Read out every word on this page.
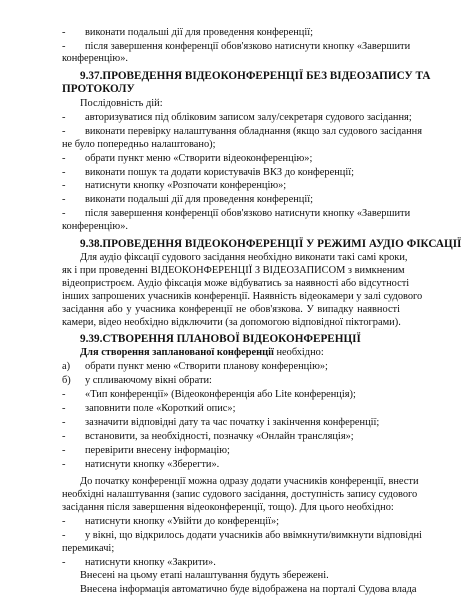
- виконати подальші дії для проведення конференції;
- після завершення конференції обов'язково натиснути кнопку «Завершити
конференцію».
9.37.ПРОВЕДЕННЯ ВІДЕОКОНФЕРЕНЦІЇ БЕЗ ВІДЕОЗАПИСУ ТА
ПРОТОКОЛУ
Послідовність дій:
- авторизуватися під обліковим записом залу/секретаря судового засідання;
- виконати перевірку налаштування обладнання (якщо зал судового засідання
не було попередньо налаштовано);
- обрати пункт меню «Створити відеоконференцію»;
- виконати пошук та додати користувачів ВКЗ до конференції;
- натиснути кнопку «Розпочати конференцію»;
- виконати подальші дії для проведення конференції;
- після завершення конференції обов'язково натиснути кнопку «Завершити
конференцію».
9.38.ПРОВЕДЕННЯ ВІДЕОКОНФЕРЕНЦІЇ У РЕЖИМІ АУДІО ФІКСАЦІЇ
Для аудіо фіксації судового засідання необхідно виконати такі самі кроки,
як і при проведенні ВІДЕОКОНФЕРЕНЦІЇ З ВІДЕОЗАПИСОМ з вимкненим
відеопристроєм. Аудіо фіксація може відбуватись за наявності або відсутності
інших запрошених учасників конференції. Наявність відеокамери у залі судового
засідання або у учасника конференції не обов'язкова. У випадку наявності
камери, відео необхідно відключити (за допомогою відповідної піктограми).
9.39.СТВОРЕННЯ ПЛАНОВОЇ ВІДЕОКОНФЕРЕНЦІЇ
Для створення запланованої конференції необхідно:
а) обрати пункт меню «Створити планову конференцію»;
б) у спливаючому вікні обрати:
- «Тип конференції» (Відеоконференція або Lite конференція);
- заповнити поле «Короткий опис»;
- зазначити відповідні дату та час початку і закінчення конференції;
- встановити, за необхідності, позначку «Онлайн трансляція»;
- перевірити внесену інформацію;
- натиснути кнопку «Зберегти».
До початку конференції можна одразу додати учасників конференції, внести
необхідні налаштування (запис судового засідання, доступність запису судового
засідання після завершення відеоконференції, тощо). Для цього необхідно:
- натиснути кнопку «Увійти до конференції»;
- у вікні, що відкрилось додати учасників або ввімкнути/вимкнути відповідні
перемикачі;
- натиснути кнопку «Закрити».
Внесені на цьому етапі налаштування будуть збережені.
Внесена інформація автоматично буде відображена на порталі Судова влада
